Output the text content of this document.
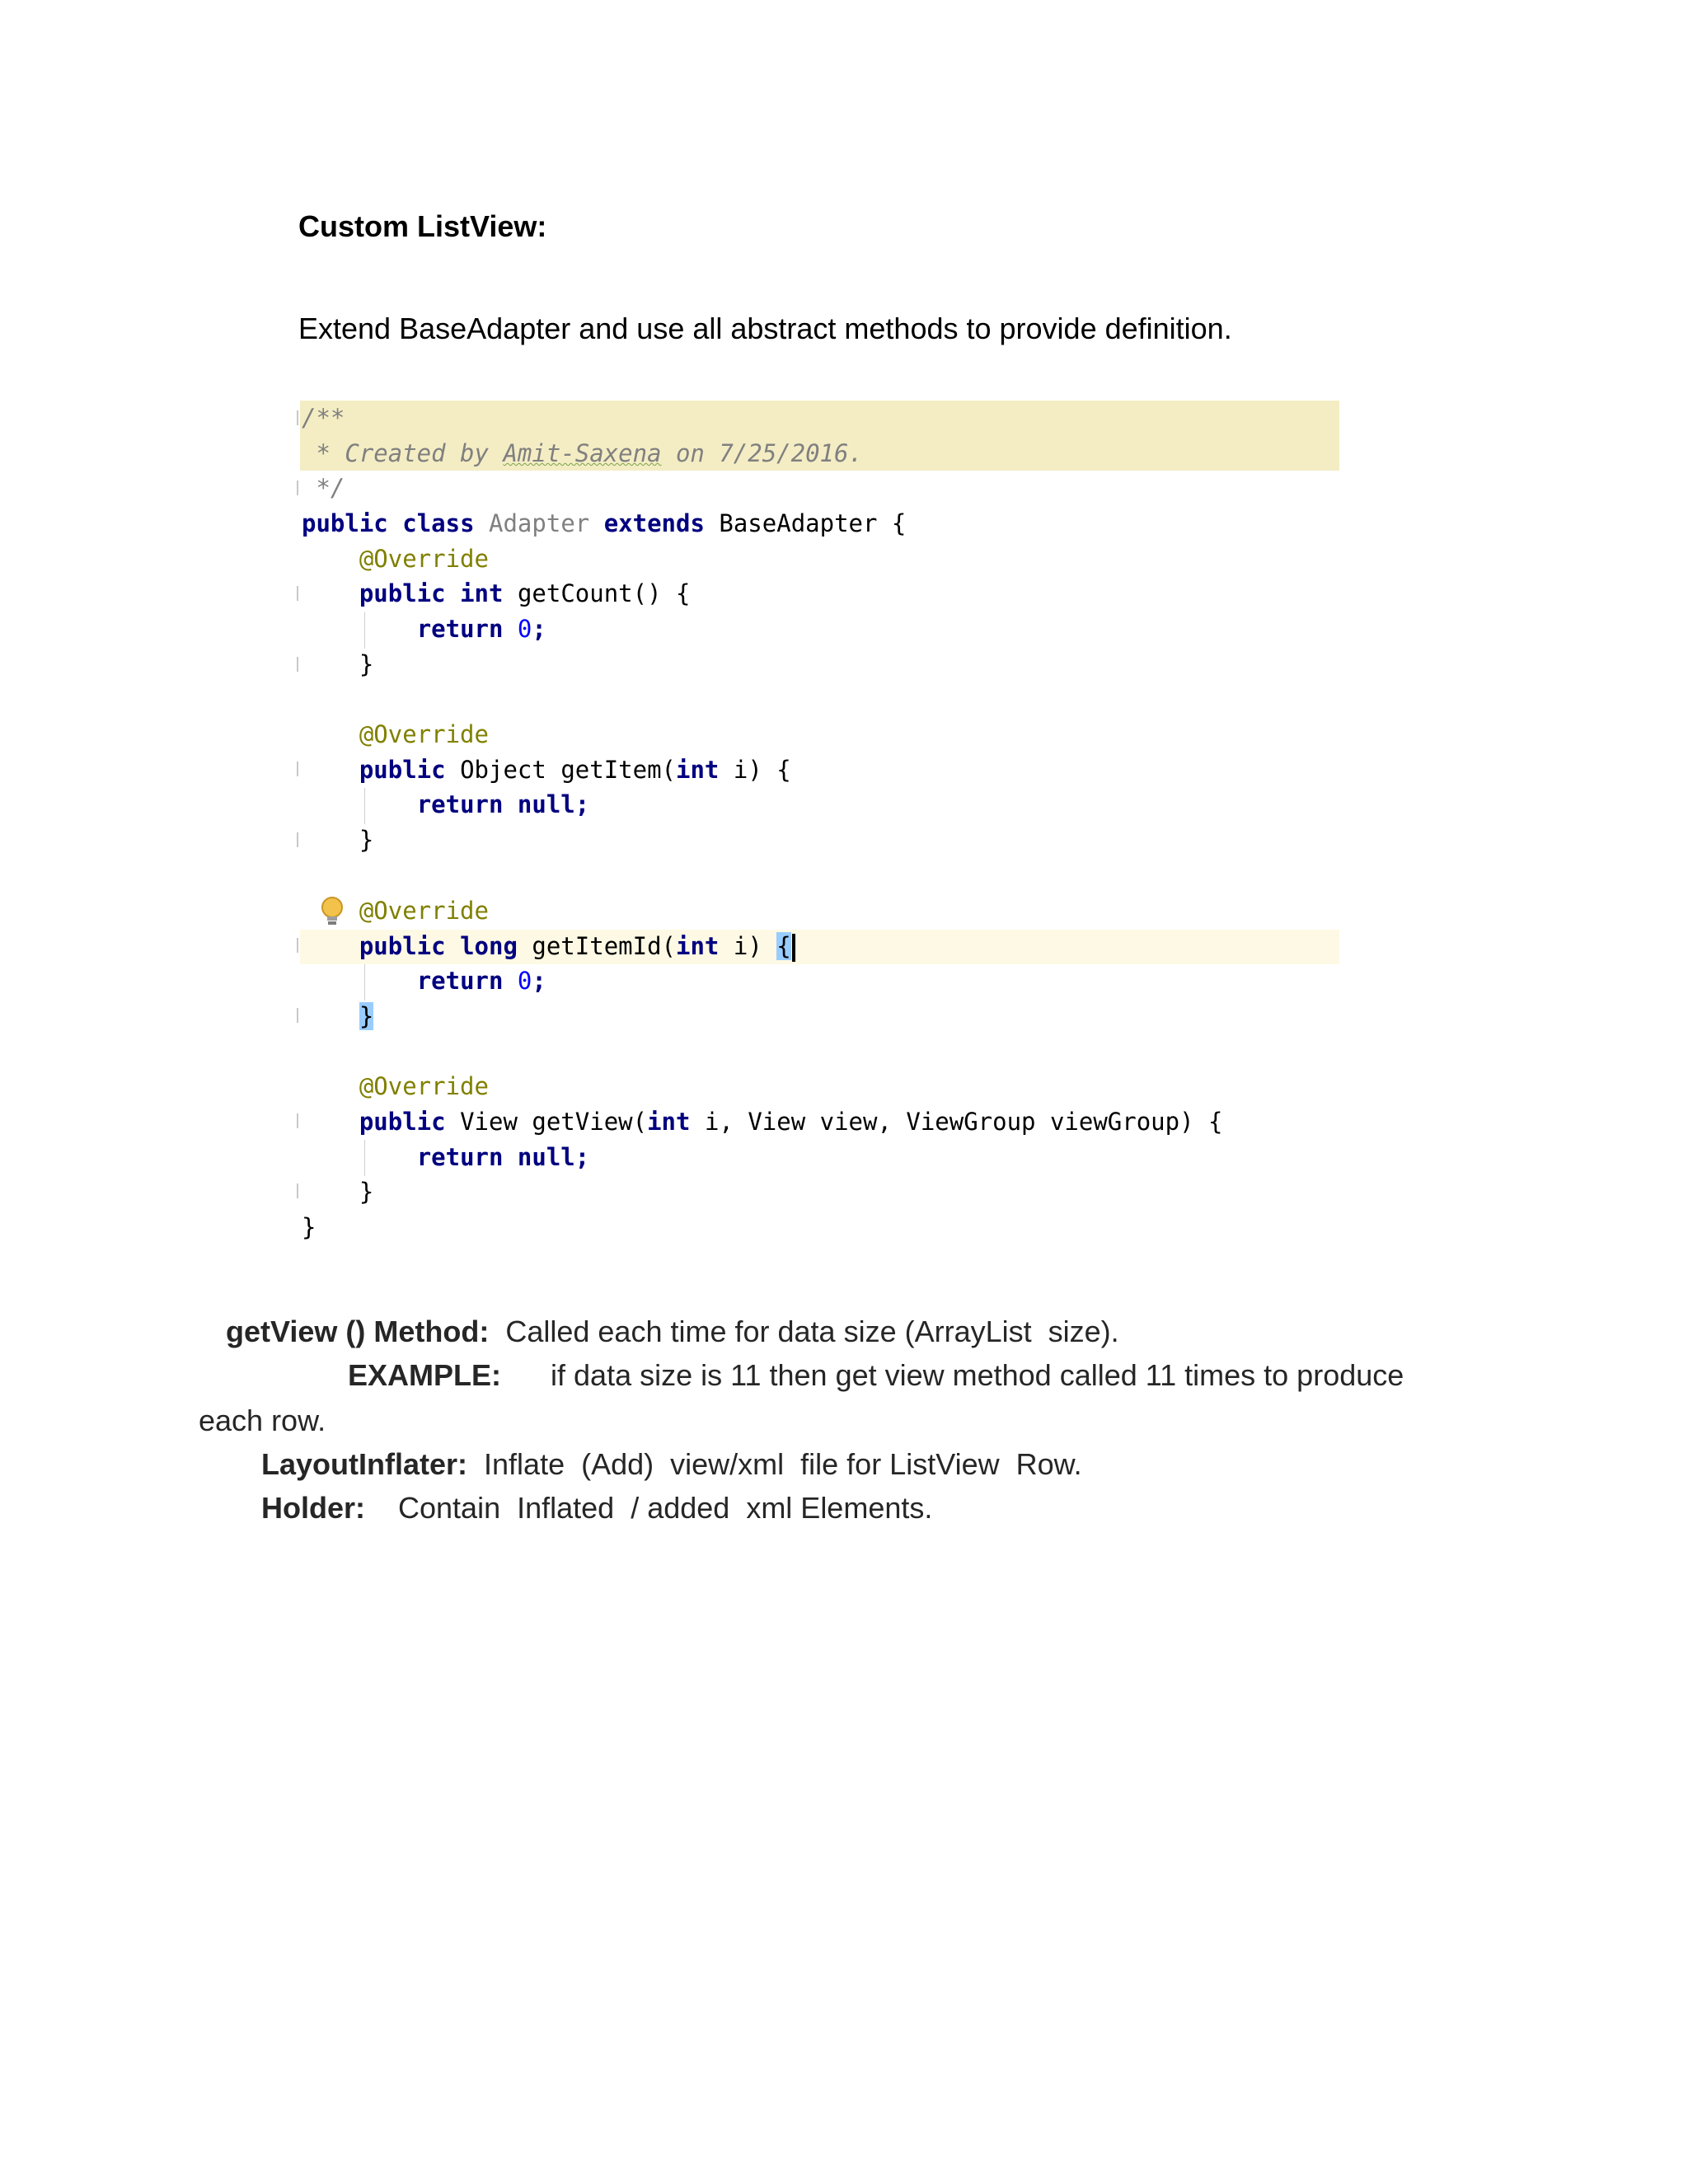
Custom ListView:
Extend BaseAdapter and use all abstract methods to provide definition.
/**
* Created by Amit-Saxena on 7/25/2016.
*/
public class Adapter extends BaseAdapter {
@Override
public int getCount() {
return 0;
}
@Override
public Object getItem(int i) {
return null;
}
@Override
public long getItemId(int i) {
return 0;
}
@Override
public View getView(int i, View view, ViewGroup viewGroup) {
return null;
}
}
getView () Method: Called each time for data size (ArrayList  size).
EXAMPLE: if data size is 11 then get view method called 11 times to produce
each row.
LayoutInflater: Inflate  (Add)  view/xml  file for ListView  Row.
Holder: Contain  Inflated  / added  xml Elements.
